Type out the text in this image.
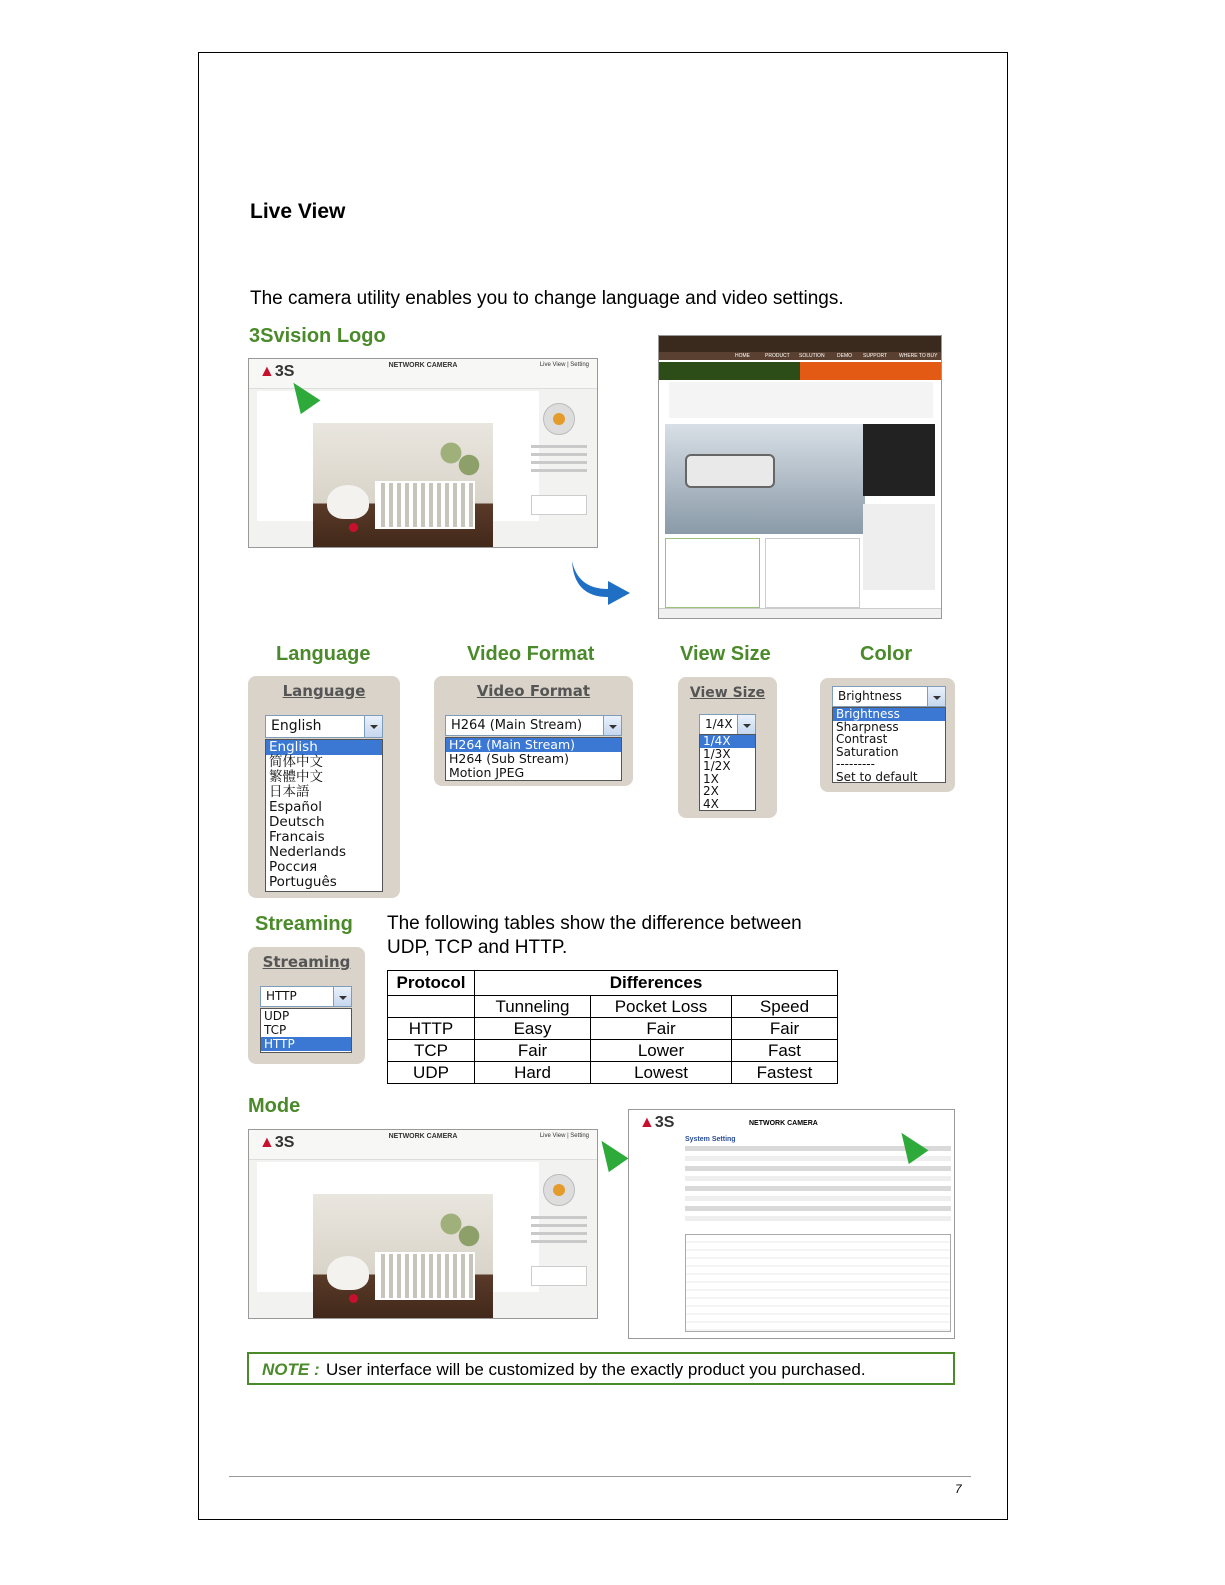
Live View
The camera utility enables you to change language and video settings.
3Svision Logo
▲3S	NETWORK CAMERA	Live View | Setting
HOME	PRODUCT SOLUTION DEMO SUPPORT WHERE TO BUY
Language	Video Format	View Size	Color
Language
English
English
简体中文
繁體中文
日本語
Español
Deutsch
Francais
Nederlands
Россия
Português
Video Format
H264 (Main Stream)
H264 (Main Stream)
H264 (Sub Stream)
Motion JPEG
View Size
1/4X
1/4X
1/3X
1/2X
1X
2X
4X
Brightness
Brightness
Sharpness
Contrast
Saturation
---------
Set to default
Streaming
Streaming
HTTP
UDP
TCP
HTTP
The following tables show the difference between
UDP, TCP and HTTP.
Protocol	Differences		
	Tunneling	Pocket Loss	Speed
HTTP	Easy	Fair	Fair
TCP	Fair	Lower	Fast
UDP	Hard	Lowest	Fastest
Mode
▲3S	NETWORK CAMERA	Live View | Setting
▲3S	NETWORK CAMERA
System Setting
NOTE : User interface will be customized by the exactly product you purchased.
7
